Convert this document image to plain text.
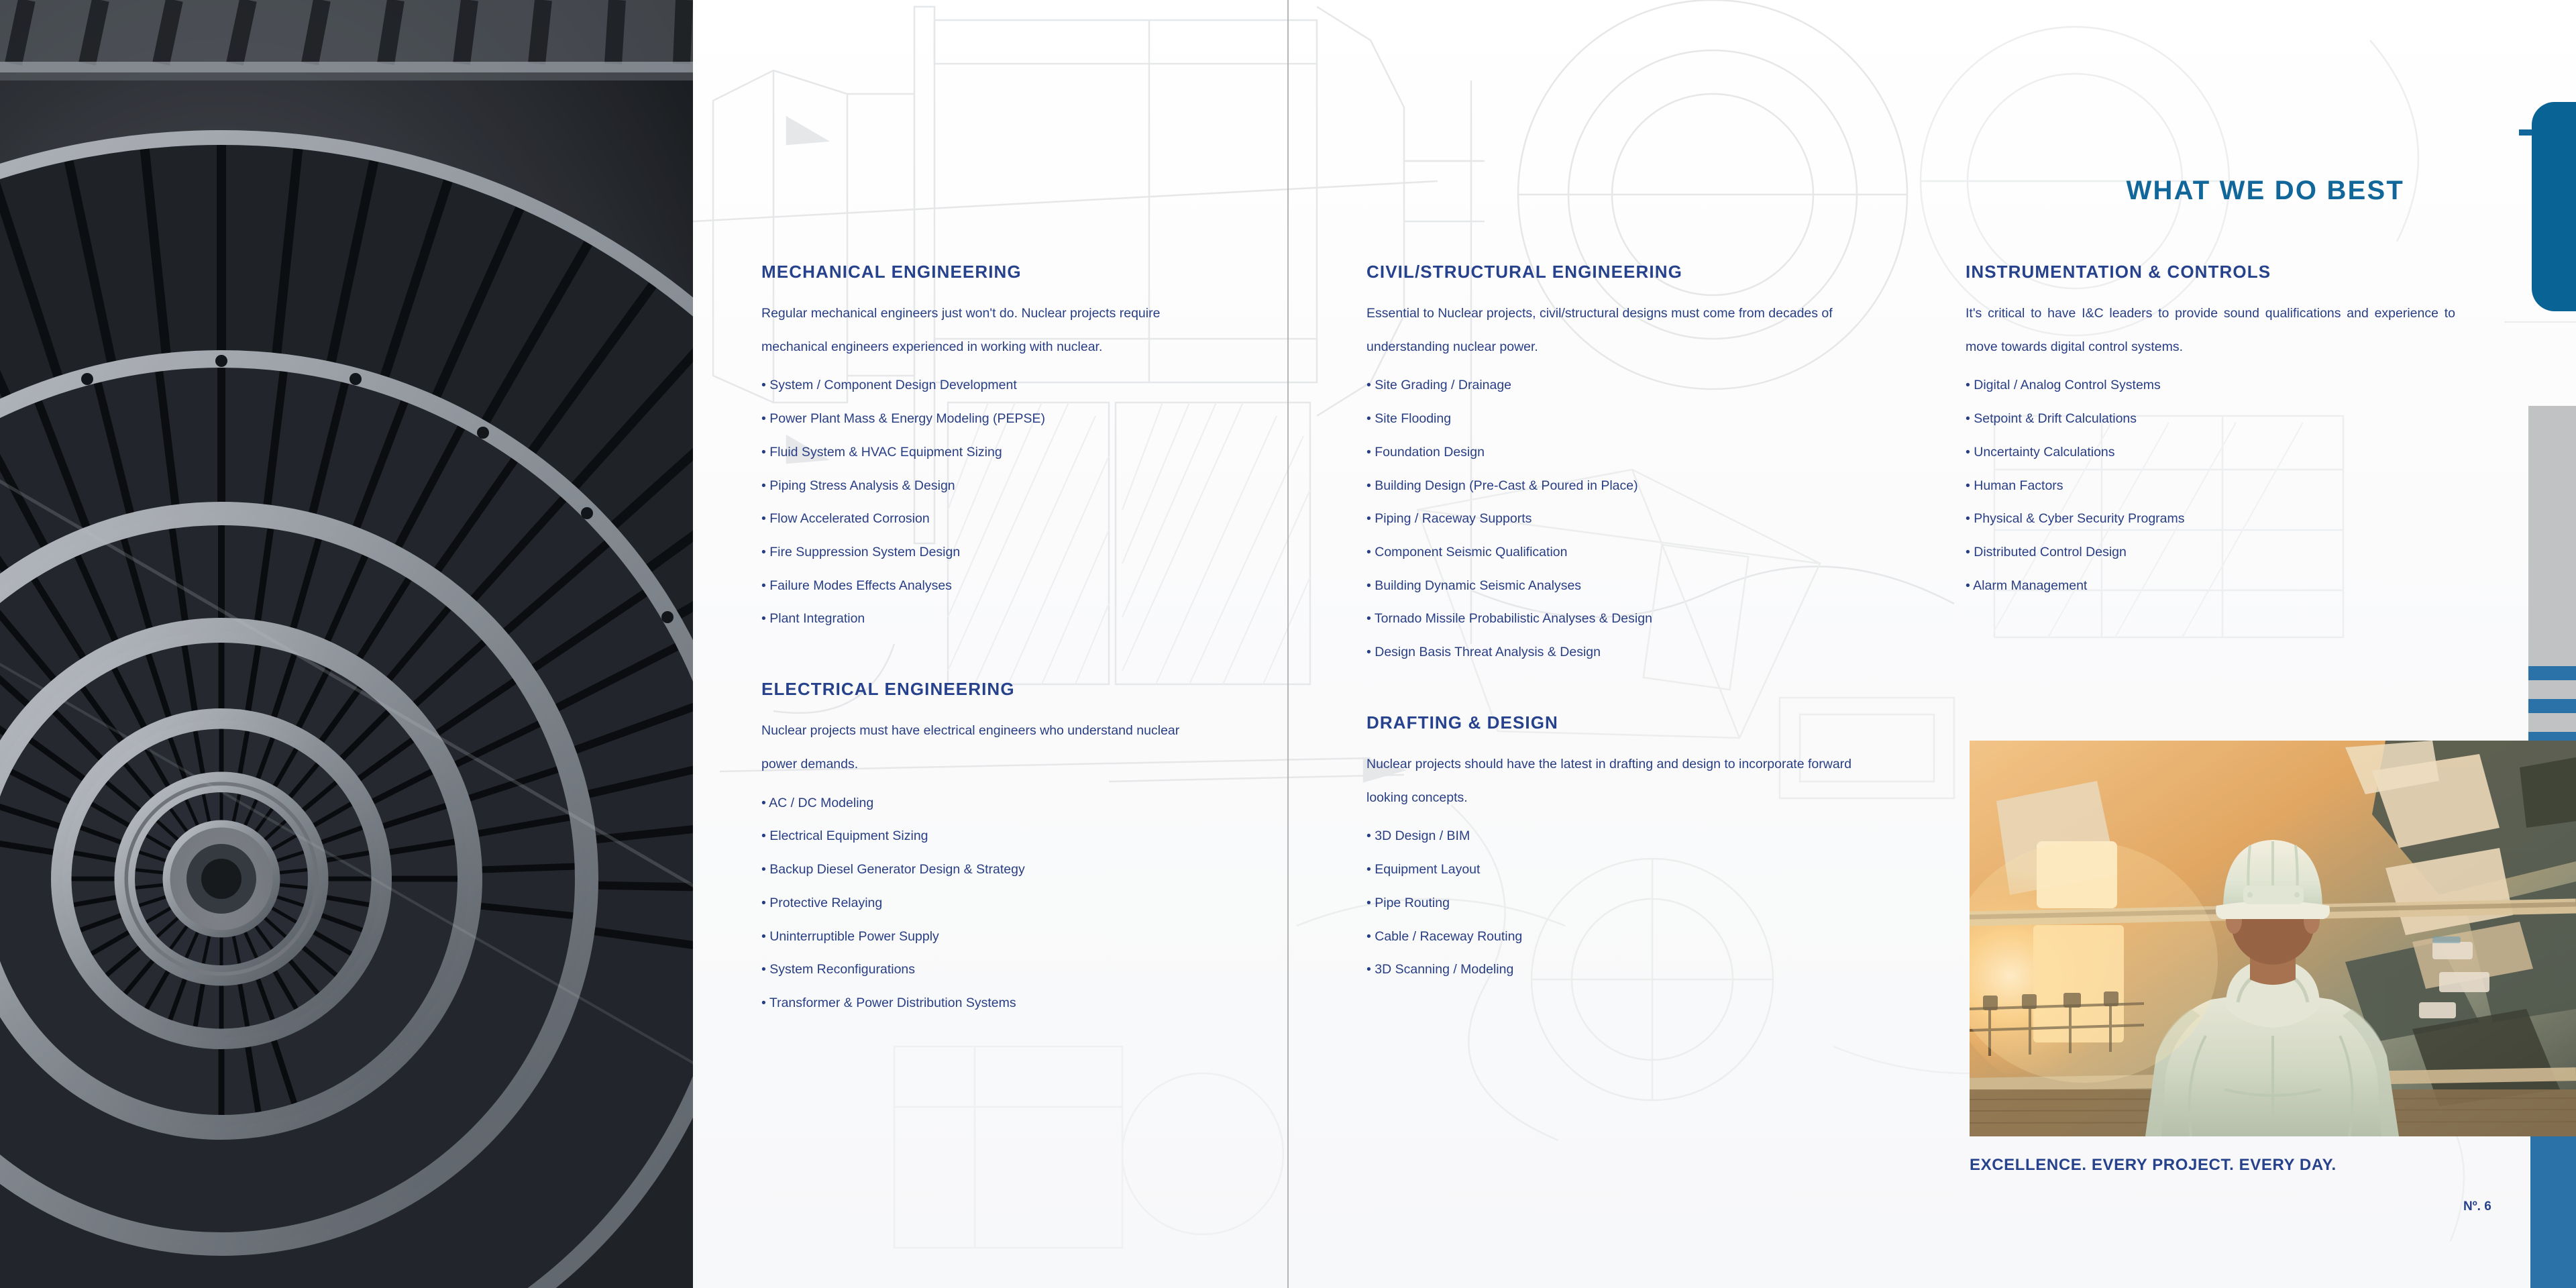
WHAT WE DO BEST
MECHANICAL ENGINEERING

Regular mechanical engineers just won't do. Nuclear projects require mechanical engineers experienced in working with nuclear.

• System / Component Design Development
• Power Plant Mass & Energy Modeling (PEPSE)
• Fluid System & HVAC Equipment Sizing
• Piping Stress Analysis & Design
• Flow Accelerated Corrosion
• Fire Suppression System Design
• Failure Modes Effects Analyses
• Plant Integration
ELECTRICAL ENGINEERING

Nuclear projects must have electrical engineers who understand nuclear power demands.

• AC / DC Modeling
• Electrical Equipment Sizing
• Backup Diesel Generator Design & Strategy
• Protective Relaying
• Uninterruptible Power Supply
• System Reconfigurations
• Transformer & Power Distribution Systems
CIVIL/STRUCTURAL ENGINEERING

Essential to Nuclear projects, civil/structural designs must come from decades of understanding nuclear power.

• Site Grading / Drainage
• Site Flooding
• Foundation Design
• Building Design (Pre-Cast & Poured in Place)
• Piping / Raceway Supports
• Component Seismic Qualification
• Building Dynamic Seismic Analyses
• Tornado Missile Probabilistic Analyses & Design
• Design Basis Threat Analysis & Design
DRAFTING & DESIGN

Nuclear projects should have the latest in drafting and design to incorporate forward looking concepts.

• 3D Design / BIM
• Equipment Layout
• Pipe Routing
• Cable / Raceway Routing
• 3D Scanning / Modeling
INSTRUMENTATION & CONTROLS

It's critical to have I&C leaders to provide sound qualifications and experience to move towards digital control systems.

• Digital / Analog Control Systems
• Setpoint & Drift Calculations
• Uncertainty Calculations
• Human Factors
• Physical & Cyber Security Programs
• Distributed Control Design
• Alarm Management
EXCELLENCE. EVERY PROJECT. EVERY DAY.
Nº. 6
